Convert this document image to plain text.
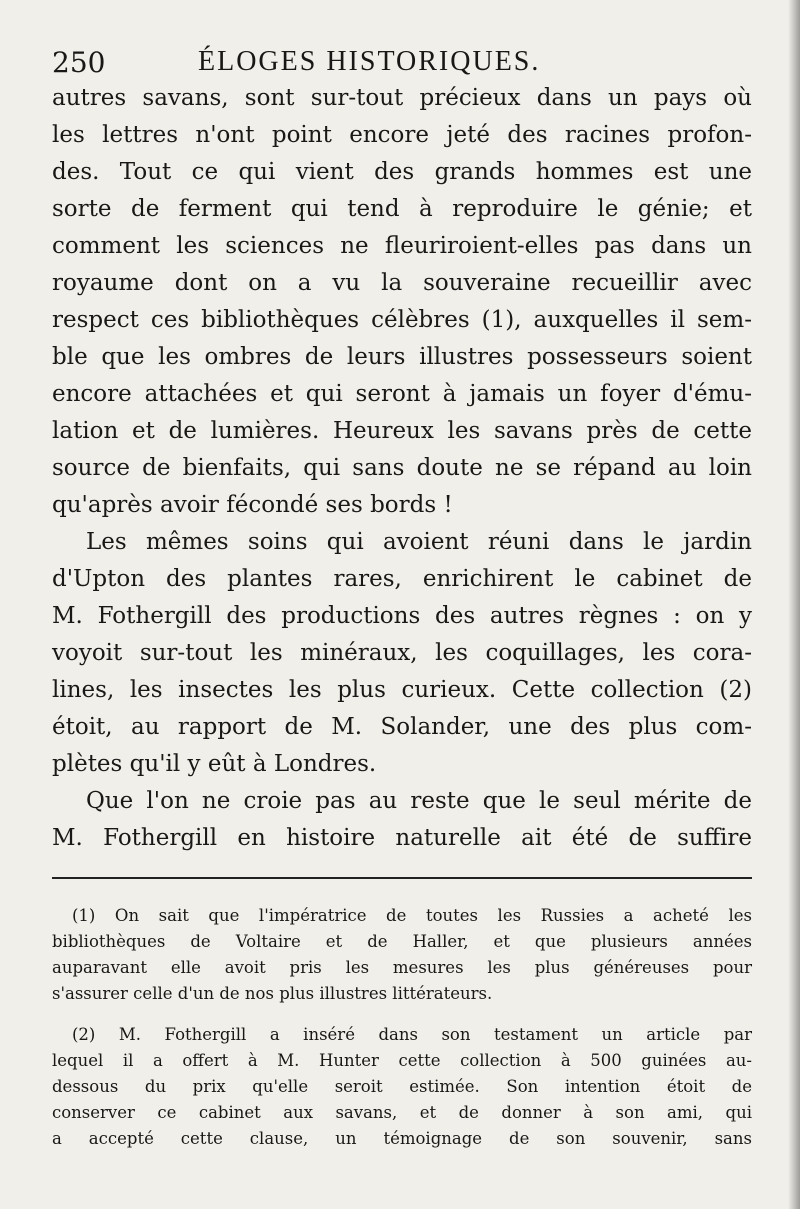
250	ÉLOGES HISTORIQUES.
autres savans, sont sur-tout précieux dans un pays où
les lettres n'ont point encore jeté des racines profon-
des. Tout ce qui vient des grands hommes est une
sorte de ferment qui tend à reproduire le génie; et
comment les sciences ne fleuriroient-elles pas dans un
royaume dont on a vu la souveraine recueillir avec
respect ces bibliothèques célèbres (1), auxquelles il sem-
ble que les ombres de leurs illustres possesseurs soient
encore attachées et qui seront à jamais un foyer d'ému-
lation et de lumières. Heureux les savans près de cette
source de bienfaits, qui sans doute ne se répand au loin
qu'après avoir fécondé ses bords !
Les mêmes soins qui avoient réuni dans le jardin
d'Upton des plantes rares, enrichirent le cabinet de
M. Fothergill des productions des autres règnes : on y
voyoit sur-tout les minéraux, les coquillages, les cora-
lines, les insectes les plus curieux. Cette collection (2)
étoit, au rapport de M. Solander, une des plus com-
plètes qu'il y eût à Londres.
Que l'on ne croie pas au reste que le seul mérite de
M. Fothergill en histoire naturelle ait été de suffire
(1) On sait que l'impératrice de toutes les Russies a acheté les
bibliothèques de Voltaire et de Haller, et que plusieurs années
auparavant elle avoit pris les mesures les plus généreuses pour
s'assurer celle d'un de nos plus illustres littérateurs.
(2) M. Fothergill a inséré dans son testament un article par
lequel il a offert à M. Hunter cette collection à 500 guinées au-
dessous du prix qu'elle seroit estimée. Son intention étoit de
conserver ce cabinet aux savans, et de donner à son ami, qui
a accepté cette clause, un témoignage de son souvenir, sans
